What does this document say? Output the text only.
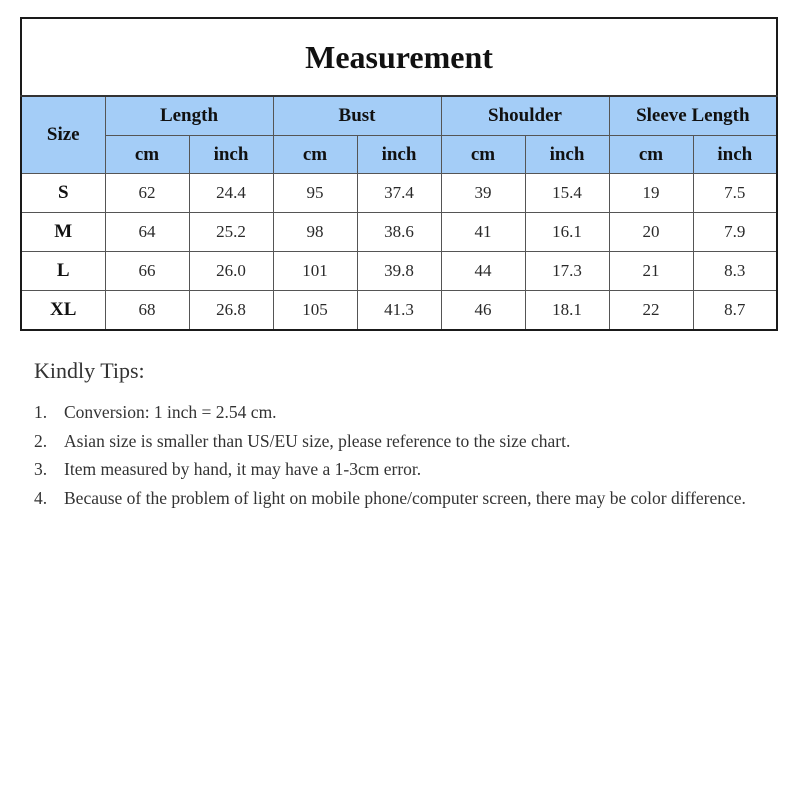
Measurement								
Size	Length		Bust		Shoulder		Sleeve Length	
	cm	inch	cm	inch	cm	inch	cm	inch
S	62	24.4	95	37.4	39	15.4	19	7.5
M	64	25.2	98	38.6	41	16.1	20	7.9
L	66	26.0	101	39.8	44	17.3	21	8.3
XL	68	26.8	105	41.3	46	18.1	22	8.7
Kindly Tips:
1. Conversion: 1 inch = 2.54 cm.
2. Asian size is smaller than US/EU size, please reference to the size chart.
3. Item measured by hand, it may have a 1-3cm error.
4. Because of the problem of light on mobile phone/computer screen, there may be color difference.
